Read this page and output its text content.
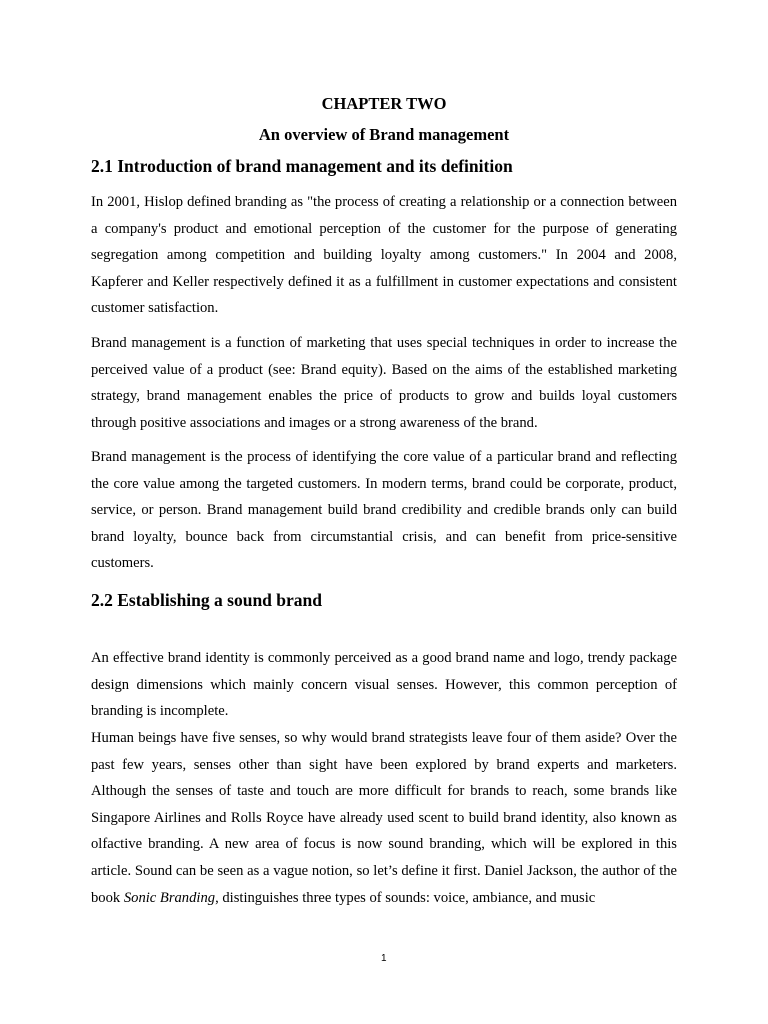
CHAPTER TWO
An overview of Brand management
2.1 Introduction of brand management and its definition

In 2001, Hislop defined branding as "the process of creating a relationship or a connection between a company's product and emotional perception of the customer for the purpose of generating segregation among competition and building loyalty among customers." In 2004 and 2008, Kapferer and Keller respectively defined it as a fulfillment in customer expectations and consistent customer satisfaction.

Brand management is a function of marketing that uses special techniques in order to increase the perceived value of a product (see: Brand equity). Based on the aims of the established marketing strategy, brand management enables the price of products to grow and builds loyal customers through positive associations and images or a strong awareness of the brand.

Brand management is the process of identifying the core value of a particular brand and reflecting the core value among the targeted customers. In modern terms, brand could be corporate, product, service, or person. Brand management build brand credibility and credible brands only can build brand loyalty, bounce back from circumstantial crisis, and can benefit from price-sensitive customers.

2.2 Establishing a sound brand

An effective brand identity is commonly perceived as a good brand name and logo, trendy package design dimensions which mainly concern visual senses. However, this common perception of branding is incomplete.

Human beings have five senses, so why would brand strategists leave four of them aside? Over the past few years, senses other than sight have been explored by brand experts and marketers. Although the senses of taste and touch are more difficult for brands to reach, some brands like Singapore Airlines and Rolls Royce have already used scent to build brand identity, also known as olfactive branding. A new area of focus is now sound branding, which will be explored in this article. Sound can be seen as a vague notion, so let’s define it first. Daniel Jackson, the author of the book Sonic Branding, distinguishes three types of sounds: voice, ambiance, and music

1
